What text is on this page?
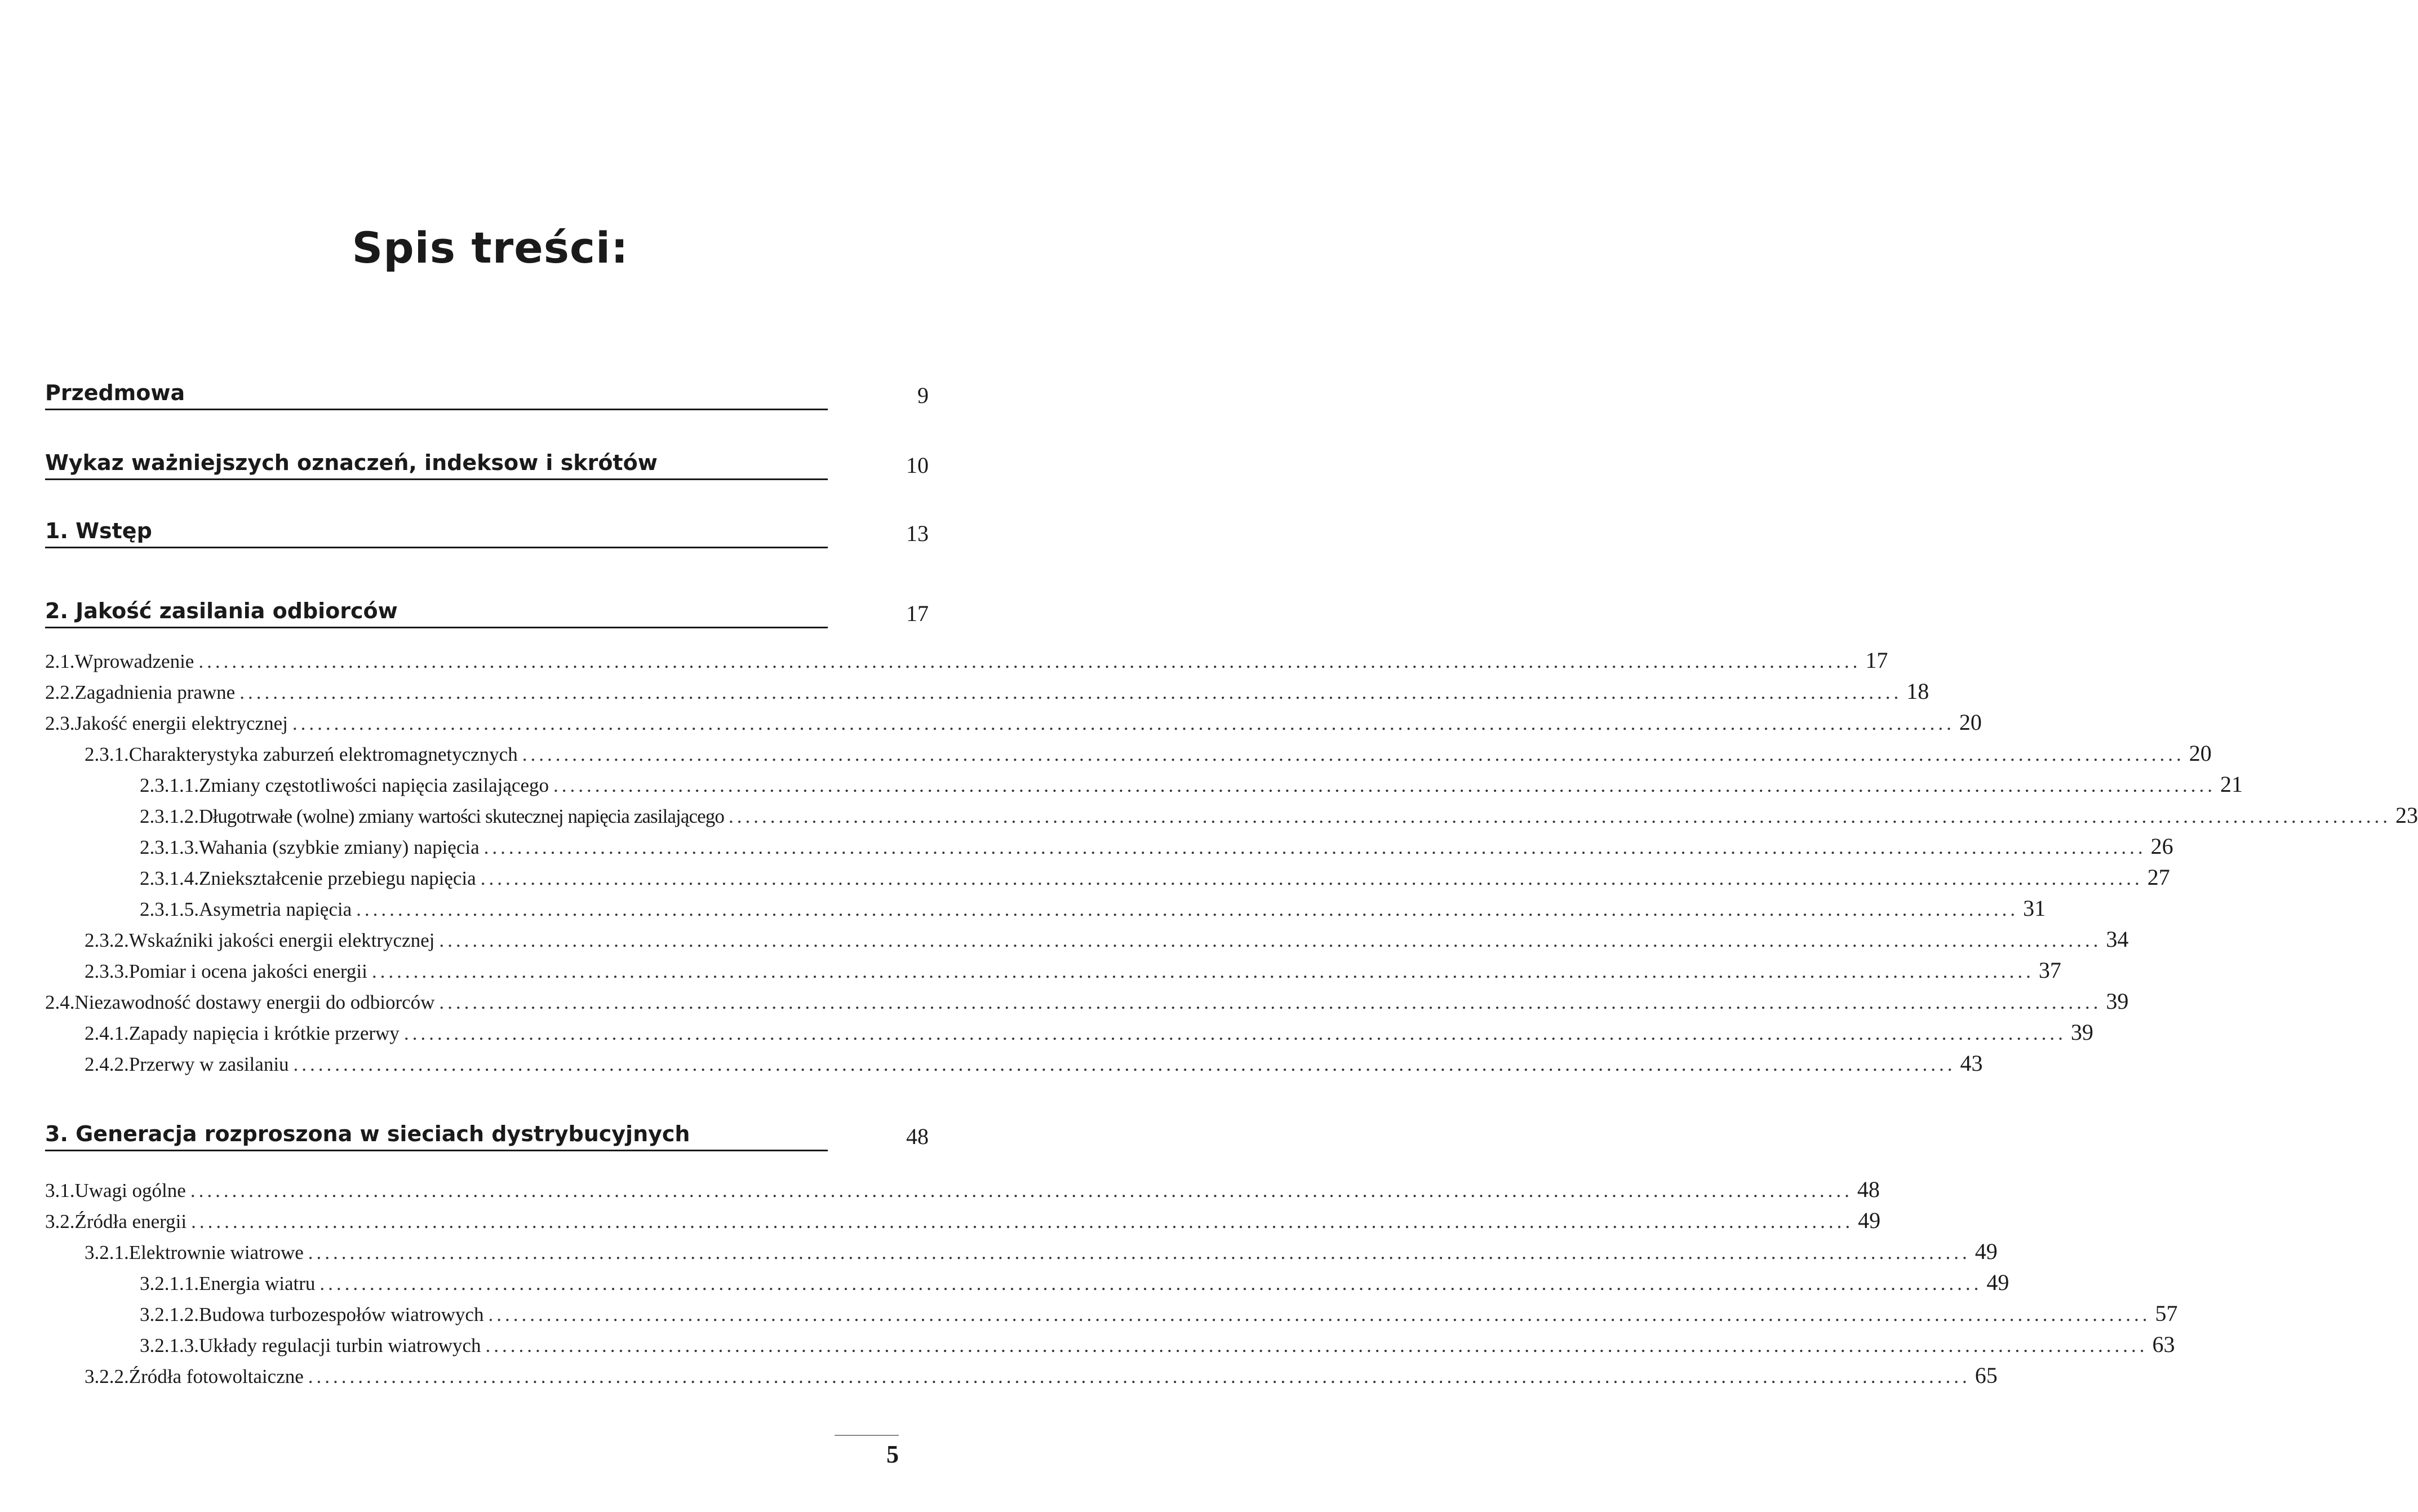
Spis treści:
Przedmowa	9
Wykaz ważniejszych oznaczeń, indeksow i skrótów	10
1. Wstęp	13
2. Jakość zasilania odbiorców	17
2.1. Wprowadzenie ........................................................................................................................................................................................................ 17
2.2. Zagadnienia prawne ........................................................................................................................................................................................................ 18
2.3. Jakość energii elektrycznej ........................................................................................................................................................................................................ 20
2.3.1. Charakterystyka zaburzeń elektromagnetycznych ........................................................................................................................................................................................................ 20
2.3.1.1. Zmiany częstotliwości napięcia zasilającego ........................................................................................................................................................................................................ 21
2.3.1.2. Długotrwałe (wolne) zmiany wartości skutecznej napięcia zasilającego ........................................................................................................................................................................................................ 23
2.3.1.3. Wahania (szybkie zmiany) napięcia ........................................................................................................................................................................................................ 26
2.3.1.4. Zniekształcenie przebiegu napięcia ........................................................................................................................................................................................................ 27
2.3.1.5. Asymetria napięcia ........................................................................................................................................................................................................ 31
2.3.2. Wskaźniki jakości energii elektrycznej ........................................................................................................................................................................................................ 34
2.3.3. Pomiar i ocena jakości energii ........................................................................................................................................................................................................ 37
2.4. Niezawodność dostawy energii do odbiorców ........................................................................................................................................................................................................ 39
2.4.1. Zapady napięcia i krótkie przerwy ........................................................................................................................................................................................................ 39
2.4.2. Przerwy w zasilaniu ........................................................................................................................................................................................................ 43
3. Generacja rozproszona w sieciach dystrybucyjnych	48
3.1. Uwagi ogólne ........................................................................................................................................................................................................ 48
3.2. Źródła energii ........................................................................................................................................................................................................ 49
3.2.1. Elektrownie wiatrowe ........................................................................................................................................................................................................ 49
3.2.1.1. Energia wiatru ........................................................................................................................................................................................................ 49
3.2.1.2. Budowa turbozespołów wiatrowych ........................................................................................................................................................................................................ 57
3.2.1.3. Układy regulacji turbin wiatrowych ........................................................................................................................................................................................................ 63
3.2.2. Źródła fotowoltaiczne ........................................................................................................................................................................................................ 65
5
